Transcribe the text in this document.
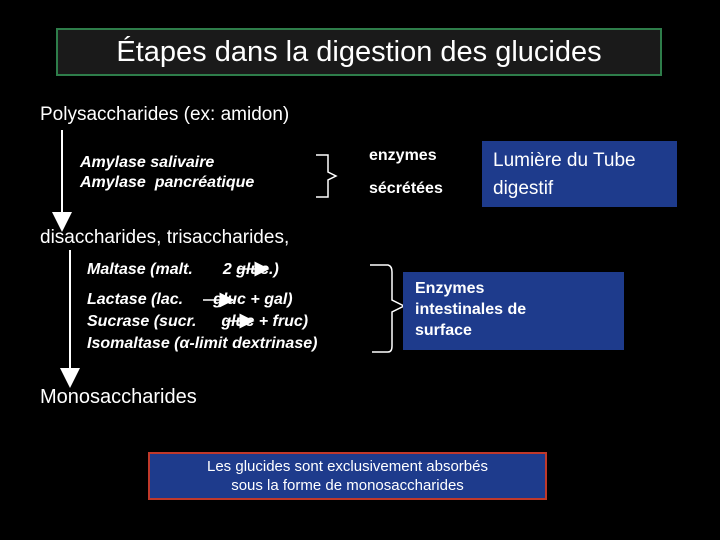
Étapes dans la digestion des glucides
Polysaccharides (ex: amidon)
Amylase salivaire
Amylase  pancréatique
enzymes
sécrétées
Lumière du Tube
digestif
disaccharides, trisaccharides,
Maltase (malt. 2 gluc.)
Lactase (lac. gluc + gal)
Sucrase (sucr. gluc + fruc)
Isomaltase (α-limit dextrinase)
Enzymes
intestinales de
surface
Monosaccharides
Les glucides sont exclusivement absorbés
sous la forme de monosaccharides
